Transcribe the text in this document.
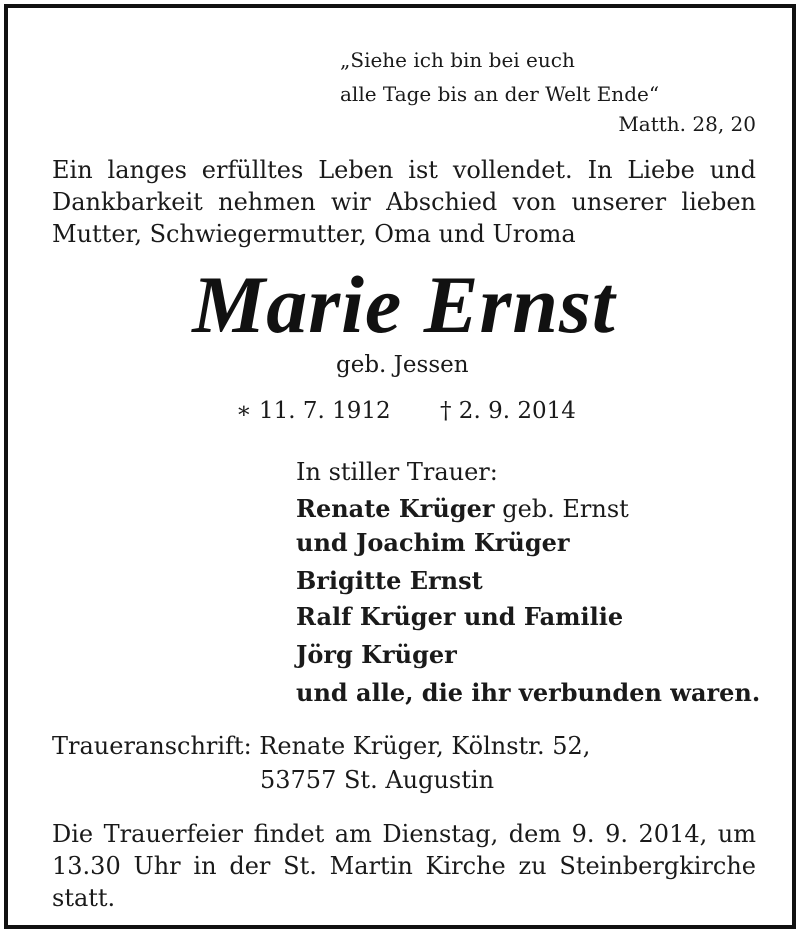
„Siehe ich bin bei euch

alle Tage bis an der Welt Ende“

Matth. 28, 20

Ein langes erfülltes Leben ist vollendet. In Liebe und

Dankbarkeit nehmen wir Abschied von unserer lieben

Mutter, Schwiegermutter, Oma und Uroma

Marie Ernst

geb. Jessen

∗ 11. 7. 1912 † 2. 9. 2014

In stiller Trauer:

Renate Krüger geb. Ernst

und Joachim Krüger

Brigitte Ernst

Ralf Krüger und Familie

Jörg Krüger

und alle, die ihr verbunden waren.

Traueranschrift: Renate Krüger, Kölnstr. 52,

53757 St. Augustin

Die Trauerfeier findet am Dienstag, dem 9. 9. 2014, um

13.30 Uhr in der St. Martin Kirche zu Steinbergkirche

statt.
